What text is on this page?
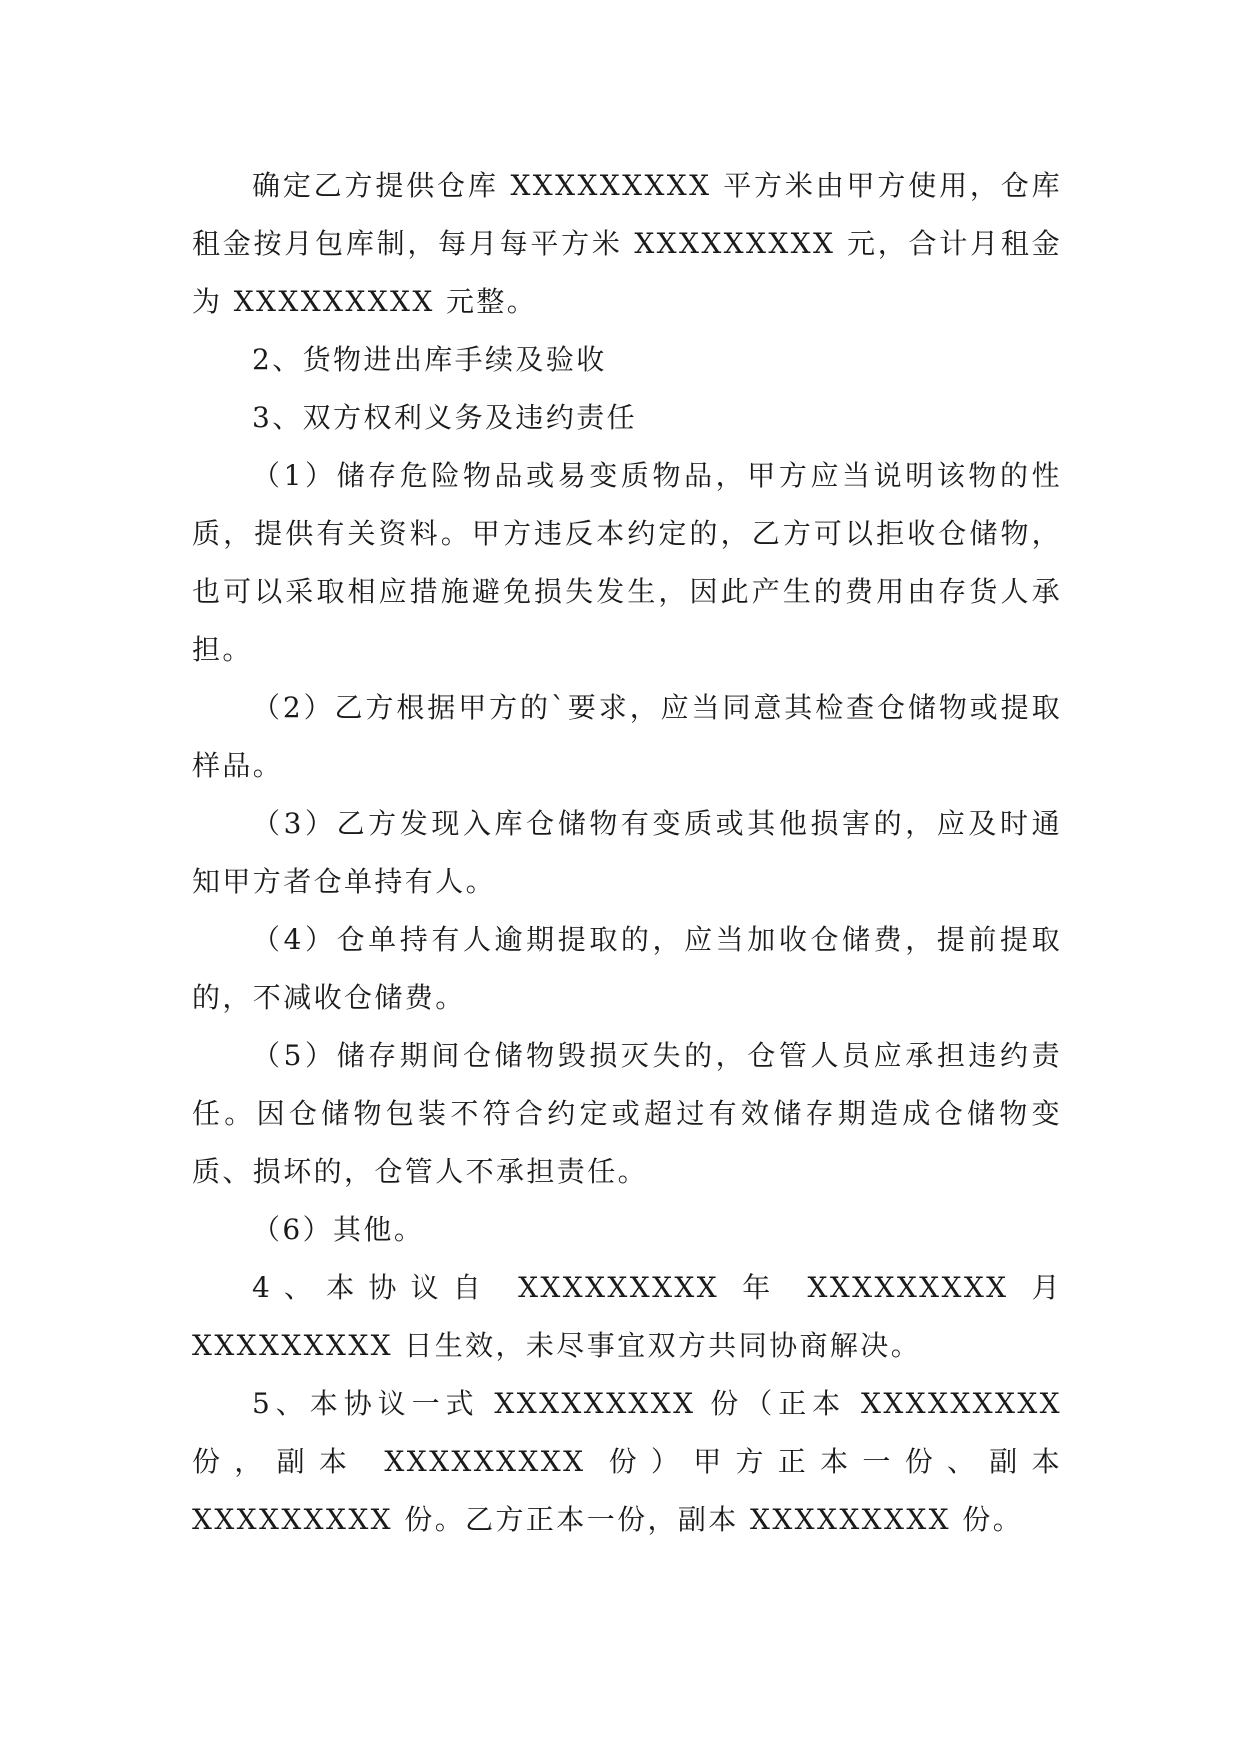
确定乙方提供仓库 XXXXXXXXX 平方米由甲方使用，仓库租金按月包库制，每月每平方米 XXXXXXXXX 元，合计月租金为 XXXXXXXXX 元整。

2、货物进出库手续及验收

3、双方权利义务及违约责任

（1）储存危险物品或易变质物品，甲方应当说明该物的性质，提供有关资料。甲方违反本约定的，乙方可以拒收仓储物，也可以采取相应措施避免损失发生，因此产生的费用由存货人承担。

（2）乙方根据甲方的`要求，应当同意其检查仓储物或提取样品。

（3）乙方发现入库仓储物有变质或其他损害的，应及时通知甲方者仓单持有人。

（4）仓单持有人逾期提取的，应当加收仓储费，提前提取的，不减收仓储费。

（5）储存期间仓储物毁损灭失的，仓管人员应承担违约责任。因仓储物包装不符合约定或超过有效储存期造成仓储物变质、损坏的，仓管人不承担责任。

（6）其他。

4、本协议自 XXXXXXXXX 年 XXXXXXXXX 月 XXXXXXXXX 日生效，未尽事宜双方共同协商解决。

5、本协议一式 XXXXXXXXX 份（正本 XXXXXXXXX 份，副本 XXXXXXXXX 份）甲方正本一份、副本 XXXXXXXXX 份。乙方正本一份，副本 XXXXXXXXX 份。
